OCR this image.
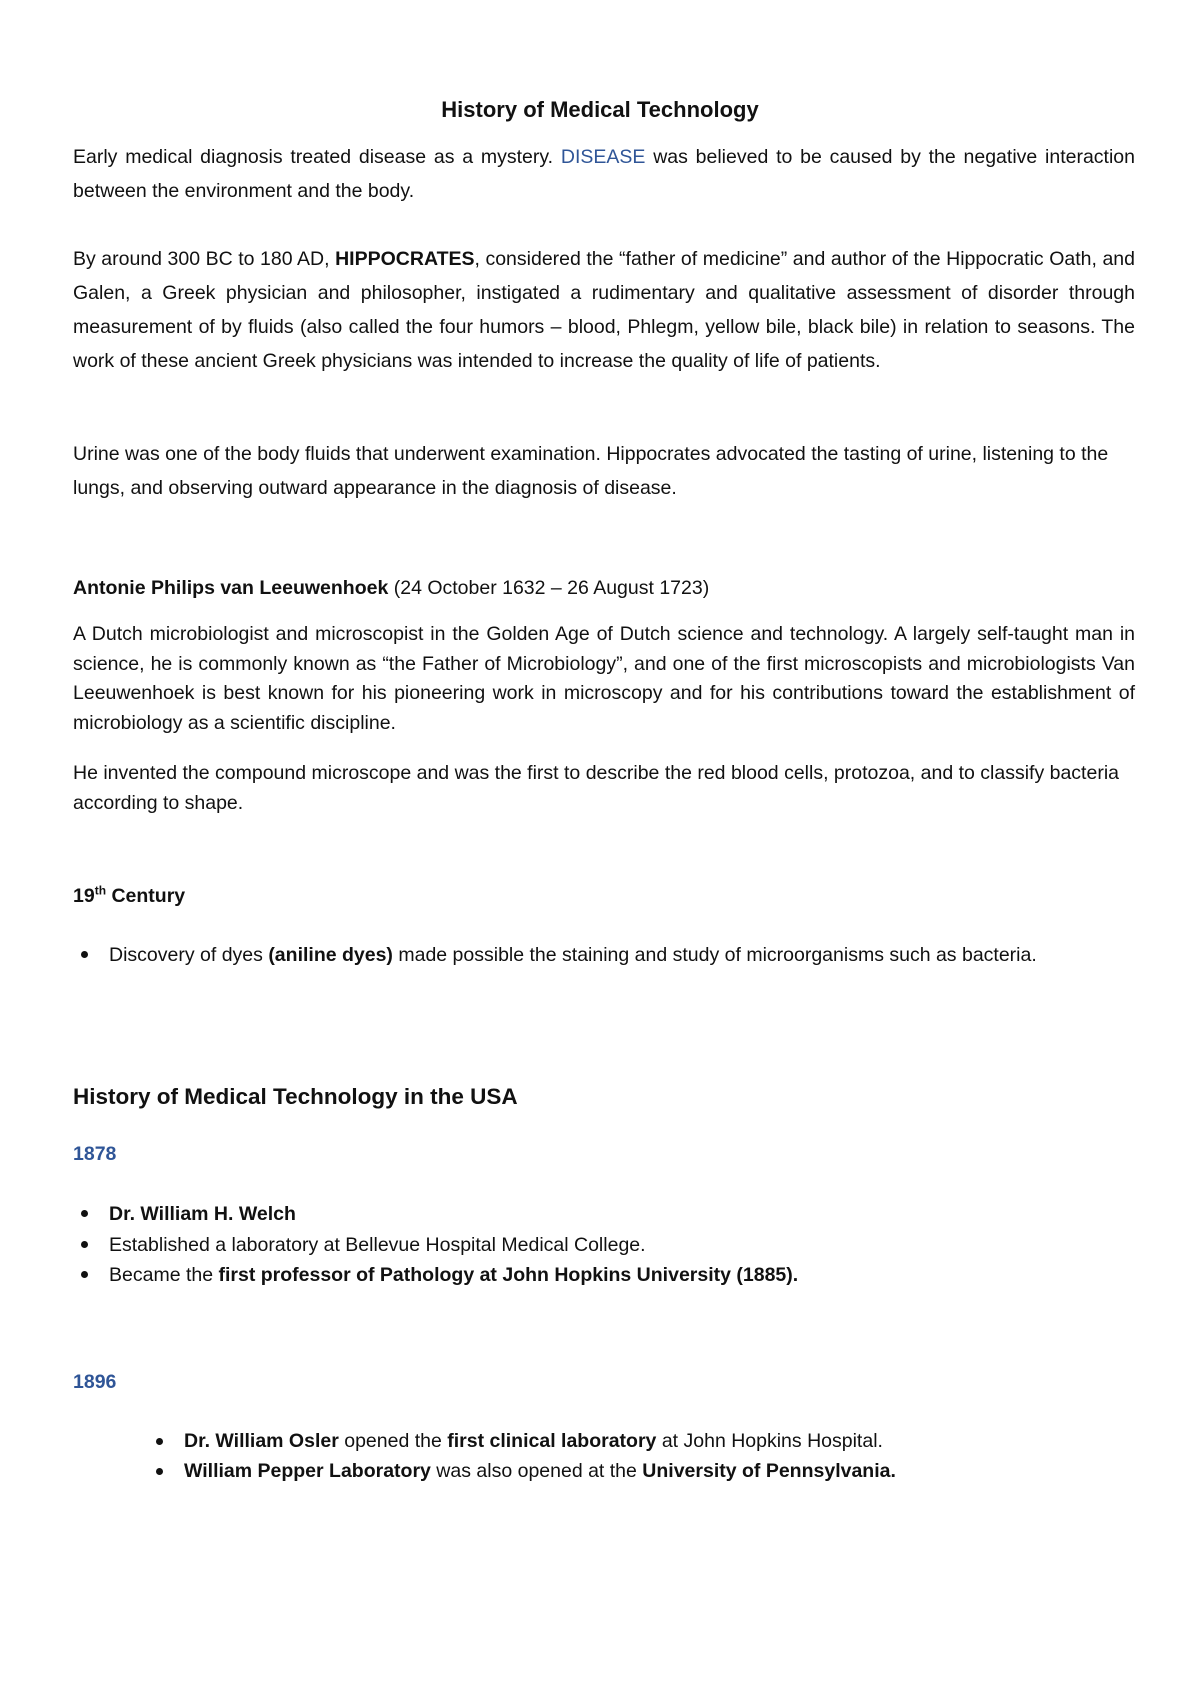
History of Medical Technology

Early medical diagnosis treated disease as a mystery. DISEASE was believed to be caused by the negative interaction between the environment and the body.

By around 300 BC to 180 AD, HIPPOCRATES, considered the “father of medicine” and author of the Hippocratic Oath, and Galen, a Greek physician and philosopher, instigated a rudimentary and qualitative assessment of disorder through measurement of by fluids (also called the four humors – blood, Phlegm, yellow bile, black bile) in relation to seasons. The work of these ancient Greek physicians was intended to increase the quality of life of patients.

Urine was one of the body fluids that underwent examination. Hippocrates advocated the tasting of urine, listening to the lungs, and observing outward appearance in the diagnosis of disease.

Antonie Philips van Leeuwenhoek (24 October 1632 – 26 August 1723)

A Dutch microbiologist and microscopist in the Golden Age of Dutch science and technology. A largely self-taught man in science, he is commonly known as “the Father of Microbiology”, and one of the first microscopists and microbiologists Van Leeuwenhoek is best known for his pioneering work in microscopy and for his contributions toward the establishment of microbiology as a scientific discipline.

He invented the compound microscope and was the first to describe the red blood cells, protozoa, and to classify bacteria according to shape.

19th Century

Discovery of dyes (aniline dyes) made possible the staining and study of microorganisms such as bacteria.
History of Medical Technology in the USA

1878

Dr. William H. Welch
Established a laboratory at Bellevue Hospital Medical College.
Became the first professor of Pathology at John Hopkins University (1885).

1896

Dr. William Osler opened the first clinical laboratory at John Hopkins Hospital.
William Pepper Laboratory was also opened at the University of Pennsylvania.
